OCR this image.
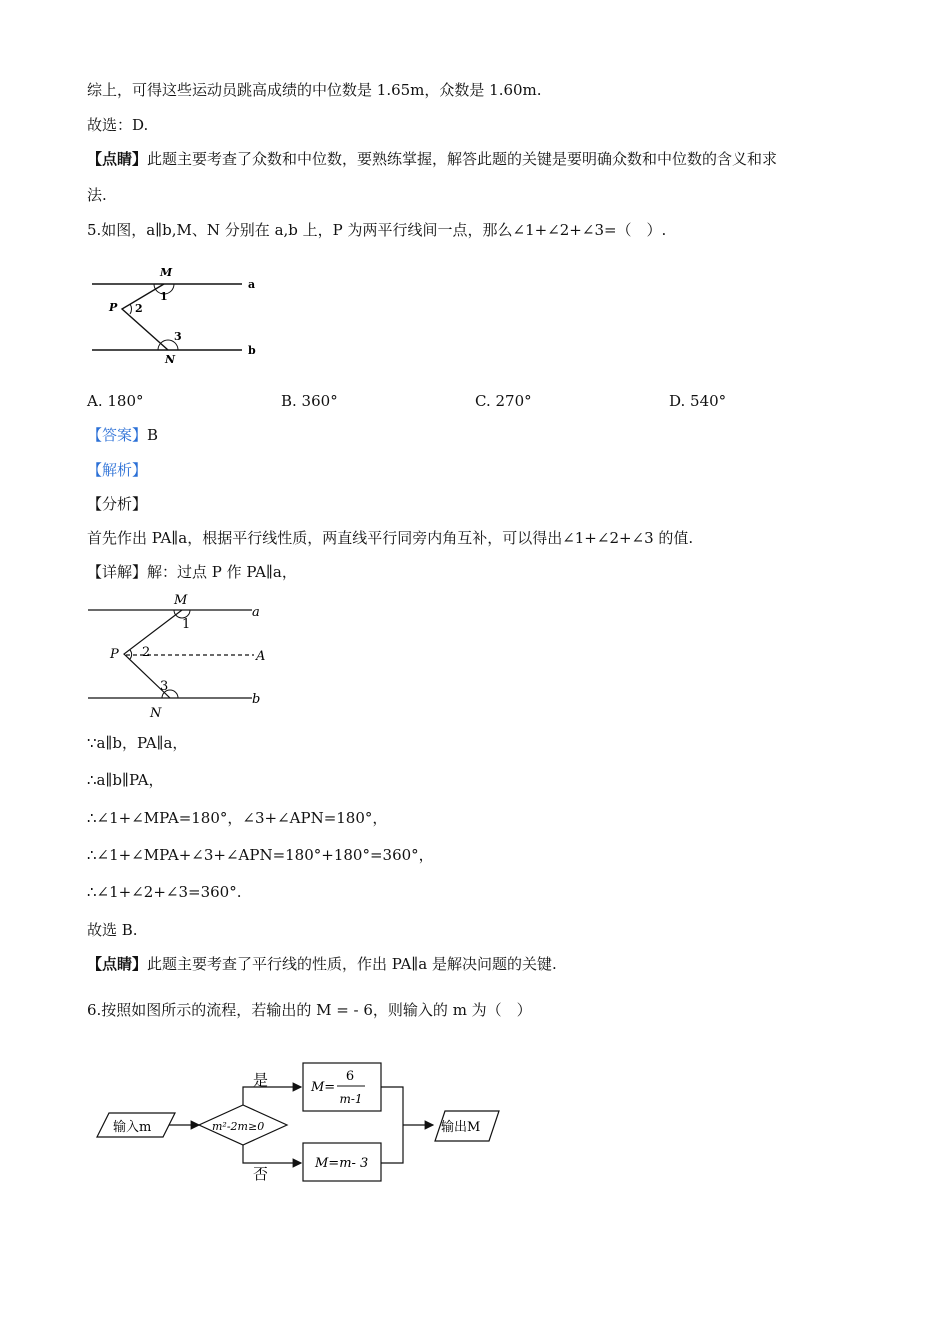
综上，可得这些运动员跳高成绩的中位数是 1.65m，众数是 1.60m.
故选：D.
【点睛】此题主要考查了众数和中位数，要熟练掌握，解答此题的关键是要明确众数和中位数的含义和求
法.
5.如图，a∥b,M、N 分别在 a,b 上，P 为两平行线间一点，那么∠1+∠2+∠3=（　）.
M
1
P 2
3
N
a
b
A. 180°	B. 360°	C. 270°	D. 540°
【答案】B
【解析】
【分析】
首先作出 PA∥a，根据平行线性质，两直线平行同旁内角互补，可以得出∠1+∠2+∠3 的值.
【详解】解：过点 P 作 PA∥a，
M
1
P 2	A
3
N
a
b
∵a∥b，PA∥a，
∴a∥b∥PA，
∴∠1+∠MPA=180°，∠3+∠APN=180°，
∴∠1+∠MPA+∠3+∠APN=180°+180°=360°，
∴∠1+∠2+∠3=360°.
故选 B.
【点睛】此题主要考查了平行线的性质，作出 PA∥a 是解决问题的关键.
6.按照如图所示的流程，若输出的 M = - 6，则输入的 m 为（　）
输入m	m²-2m≥0
是	M=
6
m-1
否
M=m- 3
输出M
